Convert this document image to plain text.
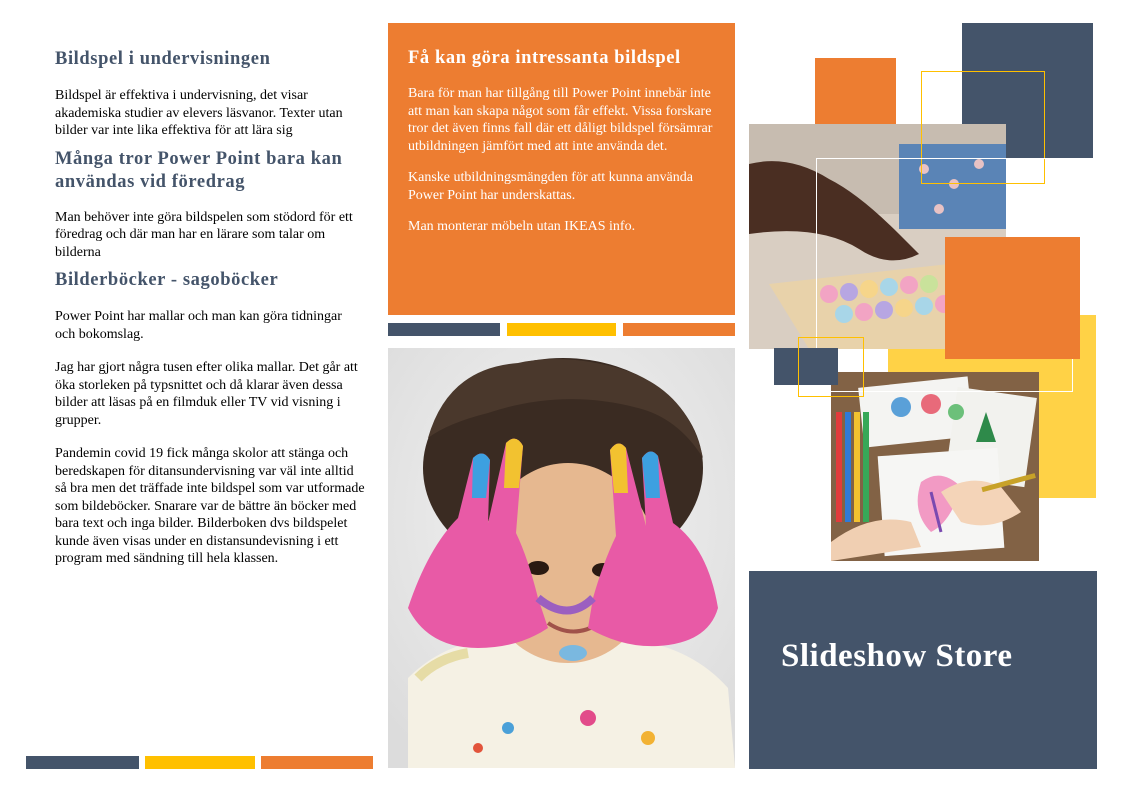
Bildspel i undervisningen

Bildspel är effektiva i undervisning, det visar akademiska studier av elevers läsvanor. Texter utan bilder var inte lika effektiva för att lära sig

Många tror Power Point bara kan användas vid föredrag

Man behöver inte göra bildspelen som stödord för ett föredrag och där man har en lärare som talar om bilderna

Bilderböcker - sagoböcker

Power Point har mallar och man kan göra tidningar och bokomslag.

Jag har gjort några tusen efter olika mallar. Det går att öka storleken på typsnittet och då klarar även dessa bilder att läsas på en filmduk eller TV vid visning i grupper.

Pandemin covid 19 fick många skolor att stänga och beredskapen för ditansundervisning var väl inte alltid så bra men det träffade inte bildspel som var utformade som bildeböcker. Snarare var de bättre än böcker med bara text och inga bilder. Bilderboken dvs bildspelet kunde även visas under en distansundevisning i ett program med sändning till hela klassen.

Få kan göra intressanta bildspel

Bara för man har tillgång till Power Point innebär inte att man kan skapa något som får effekt. Vissa forskare tror det även finns fall där ett dåligt bildspel försämrar utbildningen jämfört med att inte använda det.

Kanske utbildningsmängden för att kunna använda Power Point har underskattas.

Man monterar möbeln utan IKEAS info.

Slideshow Store
